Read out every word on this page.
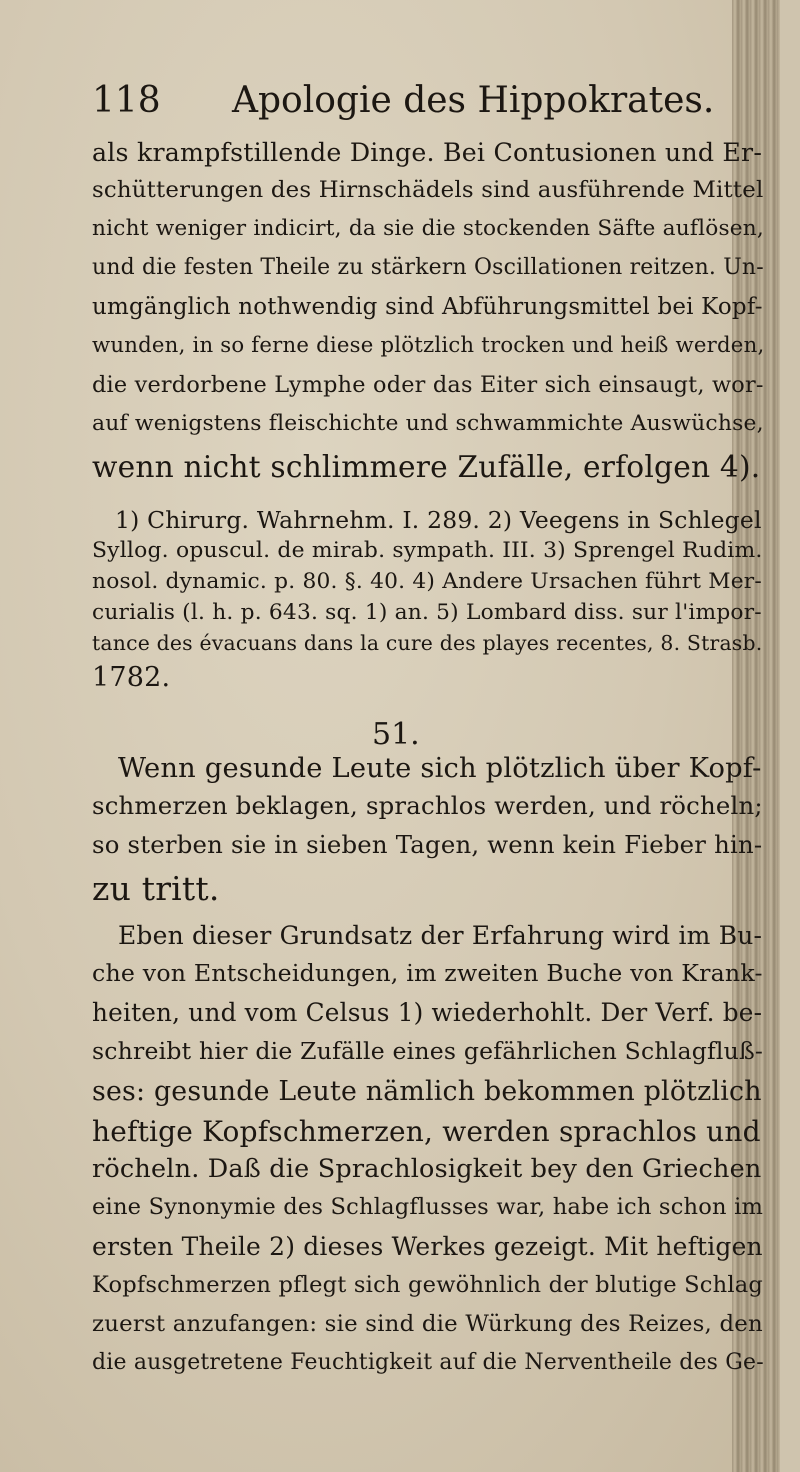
118 Apologie des Hippokrates.
als krampfstillende Dinge. Bei Contusionen und Er-
schütterungen des Hirnschädels sind ausführende Mittel
nicht weniger indicirt, da sie die stockenden Säfte auflösen,
und die festen Theile zu stärkern Oscillationen reitzen. Un-
umgänglich nothwendig sind Abführungsmittel bei Kopf-
wunden, in so ferne diese plötzlich trocken und heiß werden,
die verdorbene Lymphe oder das Eiter sich einsaugt, wor-
auf wenigstens fleischichte und schwammichte Auswüchse,
wenn nicht schlimmere Zufälle, erfolgen 4).
1) Chirurg. Wahrnehm. I. 289. 2) Veegens in Schlegel
Syllog. opuscul. de mirab. sympath. III. 3) Sprengel Rudim.
nosol. dynamic. p. 80. §. 40. 4) Andere Ursachen führt Mer-
curialis (l. h. p. 643. sq. 1) an. 5) Lombard diss. sur l'impor-
tance des évacuans dans la cure des playes recentes, 8. Strasb.
1782.
51.
Wenn gesunde Leute sich plötzlich über Kopf-
schmerzen beklagen, sprachlos werden, und röcheln;
so sterben sie in sieben Tagen, wenn kein Fieber hin-
zu tritt.
Eben dieser Grundsatz der Erfahrung wird im Bu-
che von Entscheidungen, im zweiten Buche von Krank-
heiten, und vom Celsus 1) wiederhohlt. Der Verf. be-
schreibt hier die Zufälle eines gefährlichen Schlagfluß-
ses: gesunde Leute nämlich bekommen plötzlich
heftige Kopfschmerzen, werden sprachlos und
röcheln. Daß die Sprachlosigkeit bey den Griechen
eine Synonymie des Schlagflusses war, habe ich schon im
ersten Theile 2) dieses Werkes gezeigt. Mit heftigen
Kopfschmerzen pflegt sich gewöhnlich der blutige Schlag
zuerst anzufangen: sie sind die Würkung des Reizes, den
die ausgetretene Feuchtigkeit auf die Nerventheile des Ge-
